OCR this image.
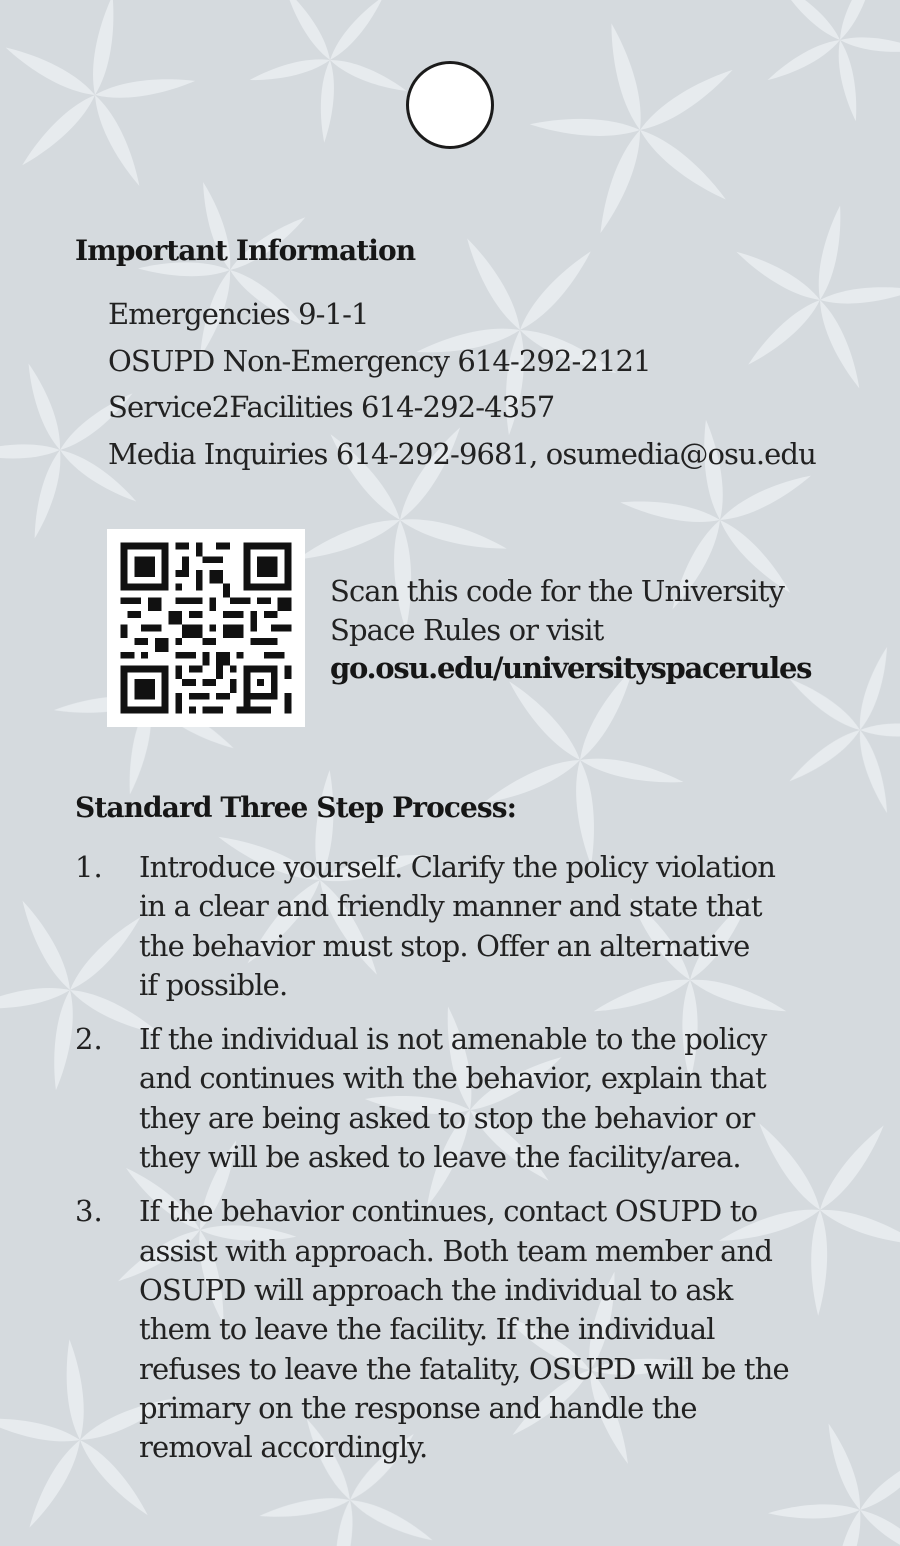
Important Information
Emergencies 9-1-1
OSUPD Non-Emergency 614-292-2121
Service2Facilities 614-292-4357
Media Inquiries 614-292-9681, osumedia@osu.edu
Scan this code for the University
Space Rules or visit
go.osu.edu/universityspacerules
Standard Three Step Process:
1. Introduce yourself. Clarify the policy violation
in a clear and friendly manner and state that
the behavior must stop. Offer an alternative
if possible.
2. If the individual is not amenable to the policy
and continues with the behavior, explain that
they are being asked to stop the behavior or
they will be asked to leave the facility/area.
3. If the behavior continues, contact OSUPD to
assist with approach. Both team member and
OSUPD will approach the individual to ask
them to leave the facility. If the individual
refuses to leave the fatality, OSUPD will be the
primary on the response and handle the
removal accordingly.
